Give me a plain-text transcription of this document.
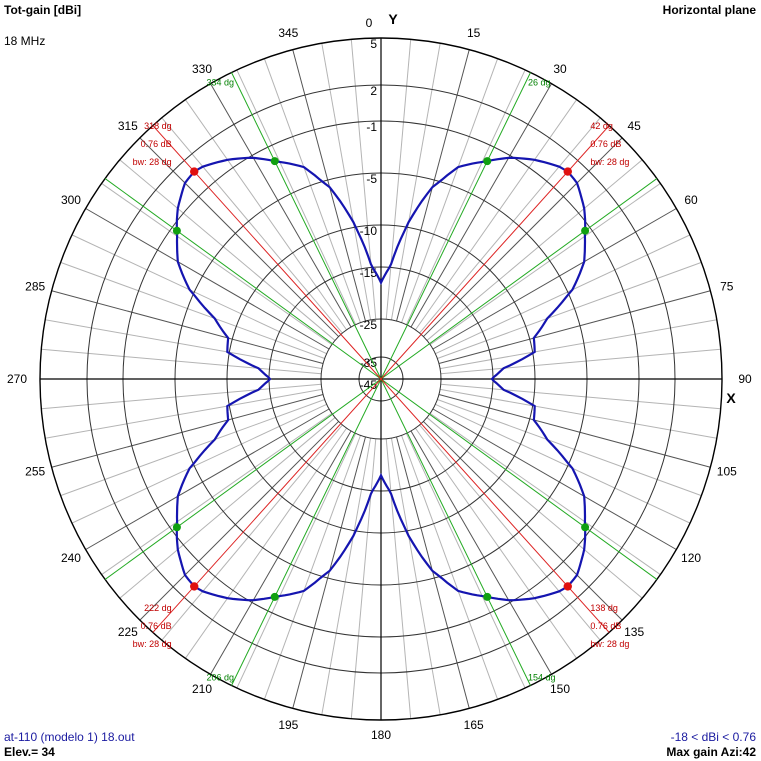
0
15
30
45
60
75
90
105
120
135
150
165
180
195
210
225
240
255
270
285
300
315
330
345
5
2
-1
-5
-10
-15
-25
-35
-45
42 dg
0.76 dB
bw: 28 dg
138 dg
0.76 dB
bw: 28 dg
222 dg
0.76 dB
bw: 28 dg
318 dg
0.76 dB
bw: 28 dg
26 dg
154 dg
206 dg
334 dg
Y
X
Tot-gain [dBi]
18 MHz
Horizontal plane
at-110 (modelo 1) 18.out
Elev.= 34
-18 < dBi < 0.76
Max gain Azi:42
